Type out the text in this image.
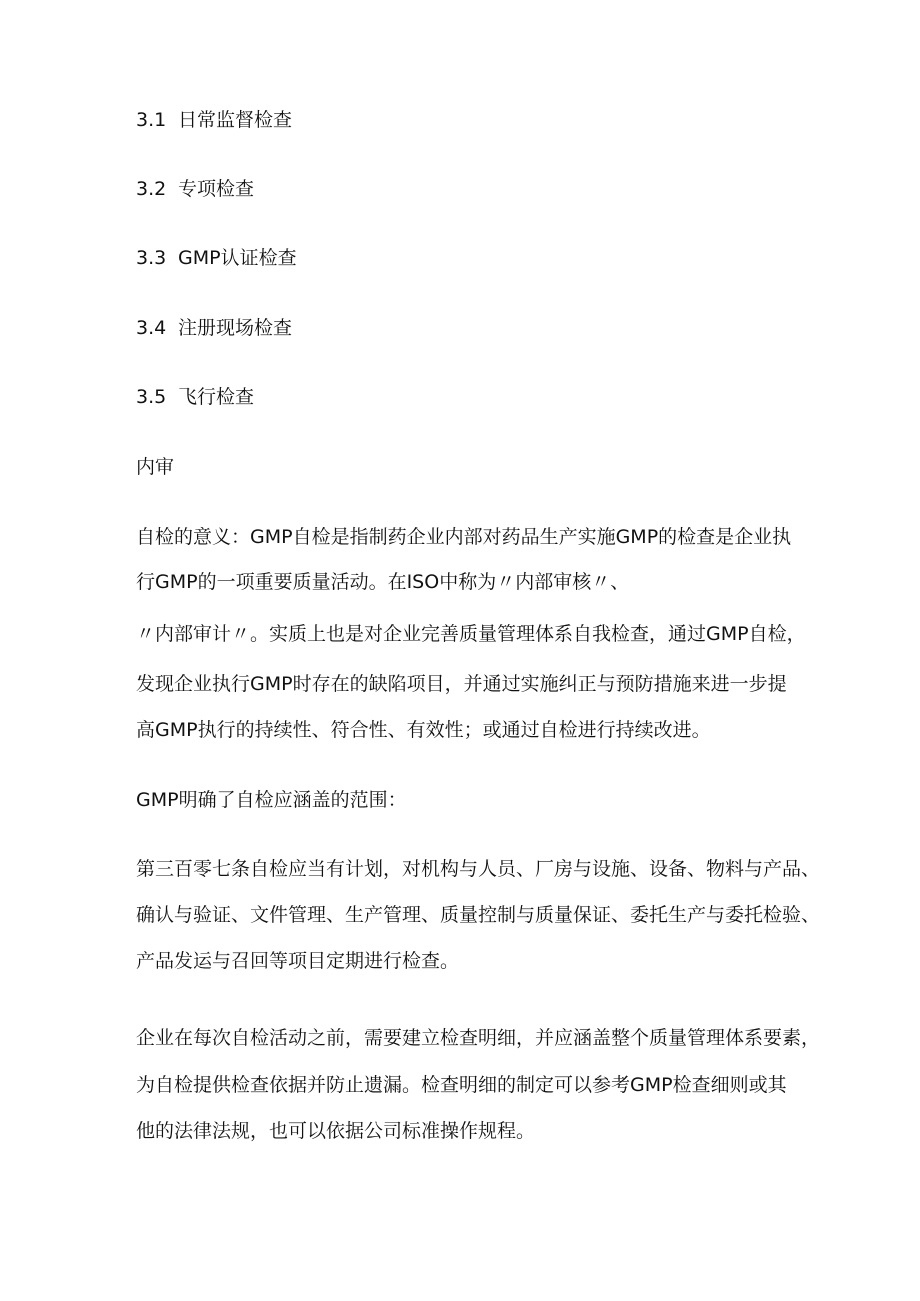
3.1 日常监督检查
3.2 专项检查
3.3 GMP认证检查
3.4 注册现场检查
3.5 飞行检查
内审
自检的意义：GMP自检是指制药企业内部对药品生产实施GMP的检查是企业执
行GMP的一项重要质量活动。在ISO中称为〃内部审核〃、
〃内部审计〃。实质上也是对企业完善质量管理体系自我检查，通过GMP自检，
发现企业执行GMP时存在的缺陷项目，并通过实施纠正与预防措施来进一步提
高GMP执行的持续性、符合性、有效性；或通过自检进行持续改进。
GMP明确了自检应涵盖的范围：
第三百零七条自检应当有计划，对机构与人员、厂房与设施、设备、物料与产品、
确认与验证、文件管理、生产管理、质量控制与质量保证、委托生产与委托检验、
产品发运与召回等项目定期进行检查。
企业在每次自检活动之前，需要建立检查明细，并应涵盖整个质量管理体系要素，
为自检提供检查依据并防止遗漏。检查明细的制定可以参考GMP检查细则或其
他的法律法规，也可以依据公司标准操作规程。
